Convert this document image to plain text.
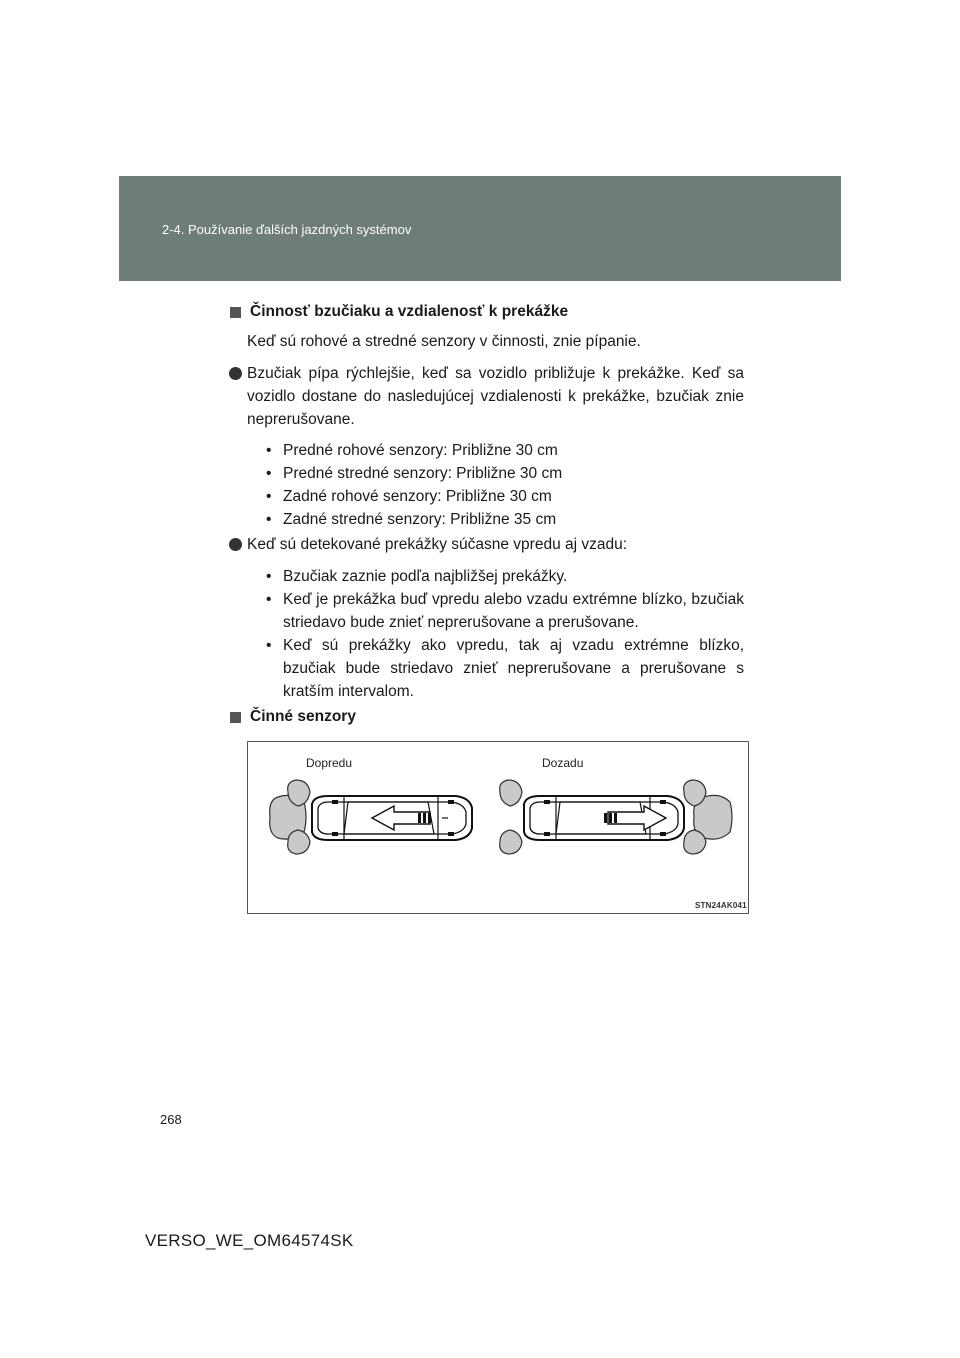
2-4. Používanie ďalších jazdných systémov
Činnosť bzučiaku a vzdialenosť k prekážke
Keď sú rohové a stredné senzory v činnosti, znie pípanie.
Bzučiak pípa rýchlejšie, keď sa vozidlo približuje k prekážke. Keď sa vozidlo dostane do nasledujúcej vzdialenosti k prekážke, bzučiak znie neprerušovane.
• Predné rohové senzory: Približne 30 cm
• Predné stredné senzory: Približne 30 cm
• Zadné rohové senzory: Približne 30 cm
• Zadné stredné senzory: Približne 35 cm
Keď sú detekované prekážky súčasne vpredu aj vzadu:
• Bzučiak zaznie podľa najbližšej prekážky.
• Keď je prekážka buď vpredu alebo vzadu extrémne blízko, bzučiak striedavo bude znieť neprerušovane a prerušovane.
• Keď sú prekážky ako vpredu, tak aj vzadu extrémne blízko, bzučiak bude striedavo znieť neprerušovane a prerušovane s kratším intervalom.
Činné senzory
Dopredu	Dozadu
STN24AK041
268
VERSO_WE_OM64574SK
